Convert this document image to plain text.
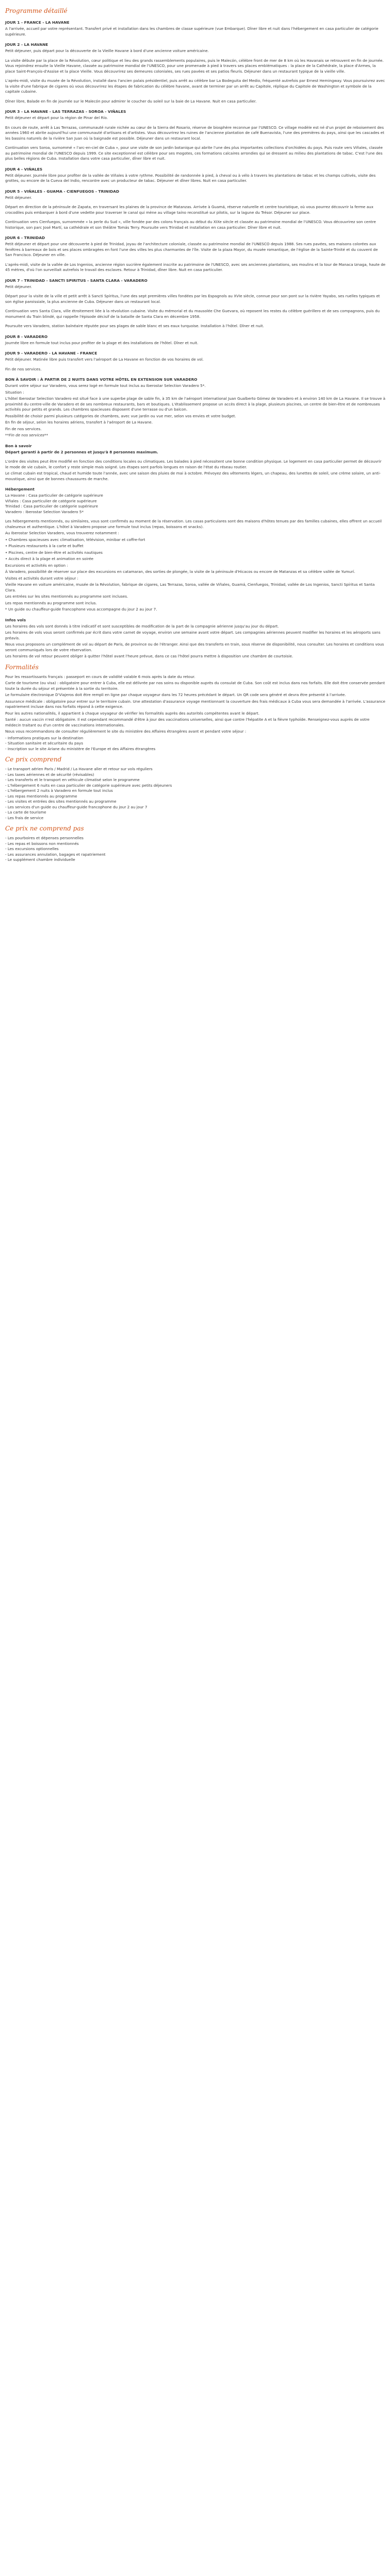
Programme détaillé
JOUR 1 - FRANCE - LA HAVANE

A l'arrivée, accueil par votre représentant. Transfert privé et installation dans les chambres de classe supérieure (vue Embarque). Dîner libre et nuit dans l'hébergement en casa particulier de catégorie supérieure.

JOUR 2 - LA HAVANE

Petit déjeuner, puis départ pour la découverte de la Vieille Havane à bord d'une ancienne voiture américaine.

La visite débute par la place de la Révolution, cœur politique et lieu des grands rassemblements populaires, puis le Malecón, célèbre front de mer de 8 km où les Havanais se retrouvent en fin de journée. Vous rejoindrez ensuite la Vieille Havane, classée au patrimoine mondial de l'UNESCO, pour une promenade à pied à travers ses places emblématiques : la place de la Cathédrale, la place d'Armes, la place Saint-François-d'Assise et la place Vieille. Vous découvrirez ses demeures coloniales, ses rues pavées et ses patios fleuris. Déjeuner dans un restaurant typique de la vieille ville.

L'après-midi, visite du musée de la Révolution, installé dans l'ancien palais présidentiel, puis arrêt au célèbre bar La Bodeguita del Medio, fréquenté autrefois par Ernest Hemingway. Vous poursuivrez avec la visite d'une fabrique de cigares où vous découvrirez les étapes de fabrication du célèbre havane, avant de terminer par un arrêt au Capitole, réplique du Capitole de Washington et symbole de la capitale cubaine.

Dîner libre, Balade en fin de journée sur le Malecón pour admirer le coucher du soleil sur la baie de La Havane. Nuit en casa particulier.

JOUR 3 - LA HAVANE - LAS TERRAZAS - SOROA - VIÑALES

Petit déjeuner et départ pour la région de Pinar del Río.

En cours de route, arrêt à Las Terrazas, communauté rurale nichée au cœur de la Sierra del Rosario, réserve de biosphère reconnue par l'UNESCO. Ce village modèle est né d'un projet de reboisement des années 1960 et abrite aujourd'hui une communauté d'artisans et d'artistes. Vous découvrirez les ruines de l'ancienne plantation de café Buenavista, l'une des premières du pays, ainsi que les cascades et les bassins naturels de la rivière San Juan où la baignade est possible. Déjeuner dans un restaurant local.

Continuation vers Soroa, surnommé « l'arc-en-ciel de Cuba », pour une visite de son jardin botanique qui abrite l'une des plus importantes collections d'orchidées du pays. Puis route vers Viñales, classée au patrimoine mondial de l'UNESCO depuis 1999. Ce site exceptionnel est célèbre pour ses mogotes, ces formations calcaires arrondies qui se dressent au milieu des plantations de tabac. C'est l'une des plus belles régions de Cuba. Installation dans votre casa particulier, dîner libre et nuit.

JOUR 4 - VIÑALES

Petit déjeuner. Journée libre pour profiter de la vallée de Viñales à votre rythme. Possibilité de randonnée à pied, à cheval ou à vélo à travers les plantations de tabac et les champs cultivés, visite des grottes, ou encore de la Cueva del Indio, rencontre avec un producteur de tabac. Déjeuner et dîner libres. Nuit en casa particulier.

JOUR 5 - VIÑALES - GUAMA - CIENFUEGOS - TRINIDAD

Petit déjeuner.

Départ en direction de la péninsule de Zapata, en traversant les plaines de la province de Matanzas. Arrivée à Guamá, réserve naturelle et centre touristique, où vous pourrez découvrir la ferme aux crocodiles puis embarquer à bord d'une vedette pour traverser le canal qui mène au village taíno reconstitué sur pilotis, sur la lagune du Trésor. Déjeuner sur place.

Continuation vers Cienfuegos, surnommée « la perle du Sud », ville fondée par des colons français au début du XIXe siècle et classée au patrimoine mondial de l'UNESCO. Vous découvrirez son centre historique, son parc José Martí, sa cathédrale et son théâtre Tomás Terry. Poursuite vers Trinidad et installation en casa particulier. Dîner libre et nuit.

JOUR 6 - TRINIDAD

Petit déjeuner et départ pour une découverte à pied de Trinidad, joyau de l'architecture coloniale, classée au patrimoine mondial de l'UNESCO depuis 1988. Ses rues pavées, ses maisons colorées aux fenêtres à barreaux de bois et ses places ombragées en font l'une des villes les plus charmantes de l'île. Visite de la plaza Mayor, du musée romantique, de l'église de la Sainte-Trinité et du couvent de San Francisco. Déjeuner en ville.

L'après-midi, visite de la vallée de Los Ingenios, ancienne région sucrière également inscrite au patrimoine de l'UNESCO, avec ses anciennes plantations, ses moulins et la tour de Manaca Iznaga, haute de 45 mètres, d'où l'on surveillait autrefois le travail des esclaves. Retour à Trinidad, dîner libre. Nuit en casa particulier.

JOUR 7 - TRINIDAD - SANCTI SPIRITUS - SANTA CLARA - VARADERO

Petit déjeuner.

Départ pour la visite de la ville et petit arrêt à Sancti Spíritus, l'une des sept premières villes fondées par les Espagnols au XVIe siècle, connue pour son pont sur la rivière Yayabo, ses ruelles typiques et son église paroissiale, la plus ancienne de Cuba. Déjeuner dans un restaurant local.

Continuation vers Santa Clara, ville étroitement liée à la révolution cubaine. Visite du mémorial et du mausolée Che Guevara, où reposent les restes du célèbre guérillero et de ses compagnons, puis du monument du Train blindé, qui rappelle l'épisode décisif de la bataille de Santa Clara en décembre 1958.

Poursuite vers Varadero, station balnéaire réputée pour ses plages de sable blanc et ses eaux turquoise. Installation à l'hôtel. Dîner et nuit.

JOUR 8 - VARADERO

Journée libre en formule tout inclus pour profiter de la plage et des installations de l'hôtel. Dîner et nuit.

JOUR 9 - VARADERO - LA HAVANE - FRANCE

Petit déjeuner. Matinée libre puis transfert vers l'aéroport de La Havane en fonction de vos horaires de vol.

Fin de nos services.

BON À SAVOIR : À PARTIR DE 2 NUITS DANS VOTRE HÔTEL EN EXTENSION SUR VARADERO

Durant votre séjour sur Varadero, vous serez logé en formule tout inclus au Iberostar Selection Varadero 5*.

Situation :

L'hôtel Iberostar Selection Varadero est situé face à une superbe plage de sable fin, à 35 km de l'aéroport international Juan Gualberto Gómez de Varadero et à environ 140 km de La Havane. Il se trouve à proximité du centre-ville de Varadero et de ses nombreux restaurants, bars et boutiques. L'établissement propose un accès direct à la plage, plusieurs piscines, un centre de bien-être et de nombreuses activités pour petits et grands. Les chambres spacieuses disposent d'une terrasse ou d'un balcon.

Possibilité de choisir parmi plusieurs catégories de chambres, avec vue jardin ou vue mer, selon vos envies et votre budget.

En fin de séjour, selon les horaires aériens, transfert à l'aéroport de La Havane.

Fin de nos services.

**Fin de nos services**

Bon à savoir

Départ garanti à partir de 2 personnes et jusqu'à 8 personnes maximum.

L'ordre des visites peut être modifié en fonction des conditions locales ou climatiques. Les balades à pied nécessitent une bonne condition physique. Le logement en casa particulier permet de découvrir le mode de vie cubain, le confort y reste simple mais soigné. Les étapes sont parfois longues en raison de l'état du réseau routier.

Le climat cubain est tropical, chaud et humide toute l'année, avec une saison des pluies de mai à octobre. Prévoyez des vêtements légers, un chapeau, des lunettes de soleil, une crème solaire, un anti-moustique, ainsi que de bonnes chaussures de marche.

Hébergement
La Havane : Casa particulier de catégorie supérieure
Viñales : Casa particulier de catégorie supérieure
Trinidad : Casa particulier de catégorie supérieure
Varadero : Iberostar Selection Varadero 5*

Les hébergements mentionnés, ou similaires, vous sont confirmés au moment de la réservation. Les casas particulares sont des maisons d'hôtes tenues par des familles cubaines, elles offrent un accueil chaleureux et authentique. L'hôtel à Varadero propose une formule tout inclus (repas, boissons et snacks).

Au Iberostar Selection Varadero, vous trouverez notamment :

• Chambres spacieuses avec climatisation, télévision, minibar et coffre-fort

• Plusieurs restaurants à la carte et buffet

• Piscines, centre de bien-être et activités nautiques

• Accès direct à la plage et animation en soirée

Excursions et activités en option :

À Varadero, possibilité de réserver sur place des excursions en catamaran, des sorties de plongée, la visite de la péninsule d'Hicacos ou encore de Matanzas et sa célèbre vallée de Yumurí.

Visites et activités durant votre séjour :

Vieille Havane en voiture américaine, musée de la Révolution, fabrique de cigares, Las Terrazas, Soroa, vallée de Viñales, Guamá, Cienfuegos, Trinidad, vallée de Los Ingenios, Sancti Spíritus et Santa Clara.

Les entrées sur les sites mentionnés au programme sont incluses.

Les repas mentionnés au programme sont inclus.

* Un guide ou chauffeur-guide francophone vous accompagne du jour 2 au jour 7.

Infos vols

Les horaires des vols sont donnés à titre indicatif et sont susceptibles de modification de la part de la compagnie aérienne jusqu'au jour du départ.

Les horaires de vols vous seront confirmés par écrit dans votre carnet de voyage, environ une semaine avant votre départ. Les compagnies aériennes peuvent modifier les horaires et les aéroports sans préavis.

Nous vous proposons un complément de vol au départ de Paris, de province ou de l'étranger. Ainsi que des transferts en train, sous réserve de disponibilité, nous consulter. Les horaires et conditions vous seront communiqués lors de votre réservation.

Les horaires de vol retour peuvent obliger à quitter l'hôtel avant l'heure prévue, dans ce cas l'hôtel pourra mettre à disposition une chambre de courtoisie.

Formalités

Pour les ressortissants français : passeport en cours de validité valable 6 mois après la date du retour.

Carte de tourisme (ou visa) : obligatoire pour entrer à Cuba, elle est délivrée par nos soins ou disponible auprès du consulat de Cuba. Son coût est inclus dans nos forfaits. Elle doit être conservée pendant toute la durée du séjour et présentée à la sortie du territoire.

Le formulaire électronique D'Viajeros doit être rempli en ligne par chaque voyageur dans les 72 heures précédant le départ. Un QR code sera généré et devra être présenté à l'arrivée.

Assurance médicale : obligatoire pour entrer sur le territoire cubain. Une attestation d'assurance voyage mentionnant la couverture des frais médicaux à Cuba vous sera demandée à l'arrivée. L'assurance rapatriement incluse dans nos forfaits répond à cette exigence.

Pour les autres nationalités, il appartient à chaque voyageur de vérifier les formalités auprès des autorités compétentes avant le départ.

Santé : aucun vaccin n'est obligatoire. Il est cependant recommandé d'être à jour des vaccinations universelles, ainsi que contre l'hépatite A et la fièvre typhoïde. Renseignez-vous auprès de votre médecin traitant ou d'un centre de vaccinations internationales.

Nous vous recommandons de consulter régulièrement le site du ministère des Affaires étrangères avant et pendant votre séjour :

- Informations pratiques sur la destination
- Situation sanitaire et sécuritaire du pays
- Inscription sur le site Ariane du ministère de l'Europe et des Affaires étrangères
Ce prix comprend
- Le transport aérien Paris / Madrid / La Havane aller et retour sur vols réguliers
- Les taxes aériennes et de sécurité (révisables)
- Les transferts et le transport en véhicule climatisé selon le programme
- L'hébergement 6 nuits en casa particulier de catégorie supérieure avec petits déjeuners
- L'hébergement 2 nuits à Varadero en formule tout inclus
- Les repas mentionnés au programme
- Les visites et entrées des sites mentionnés au programme
- Les services d'un guide ou chauffeur-guide francophone du jour 2 au jour 7
- La carte de tourisme
- Les frais de service
Ce prix ne comprend pas
- Les pourboires et dépenses personnelles
- Les repas et boissons non mentionnés
- Les excursions optionnelles
- Les assurances annulation, bagages et rapatriement
- Le supplément chambre individuelle
